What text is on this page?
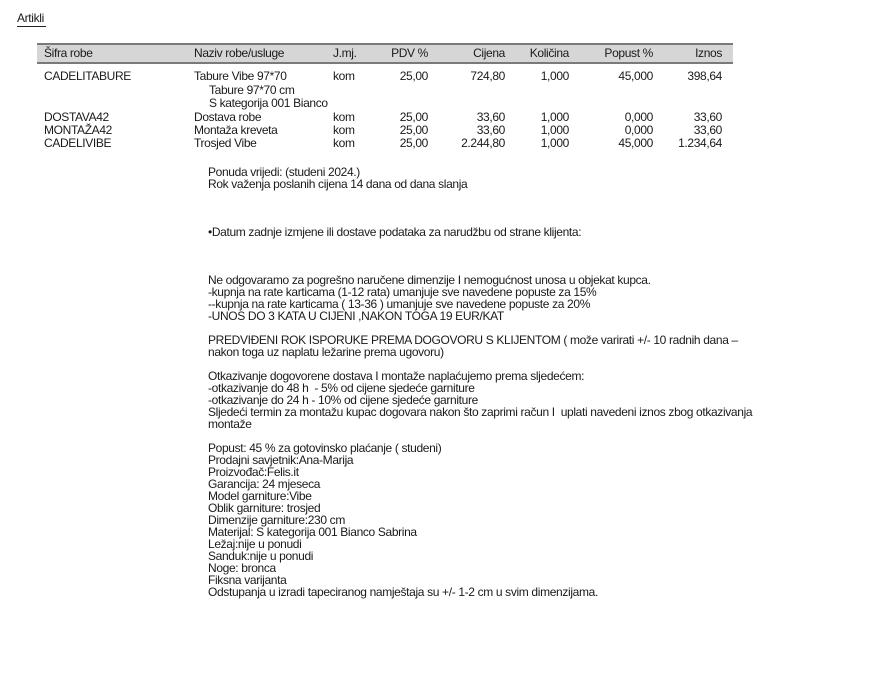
Artikli
Šifra robe	Naziv robe/usluge	J.mj.	PDV %	Cijena	Količina	Popust %	Iznos
CADELITABURE	Tabure Vibe 97*70	kom	25,00	724,80	1,000	45,000	398,64
Tabure 97*70 cm
S kategorija 001 Bianco
DOSTAVA42	Dostava robe	kom	25,00	33,60	1,000	0,000	33,60
MONTAŽA42	Montaža kreveta	kom	25,00	33,60	1,000	0,000	33,60
CADELIVIBE	Trosjed Vibe	kom	25,00	2.244,80	1,000	45,000	1.234,64

Ponuda vrijedi: (studeni 2024.)

Rok važenja poslanih cijena 14 dana od dana slanja

•Datum zadnje izmjene ili dostave podataka za narudžbu od strane klijenta:

Ne odgovaramo za pogrešno naručene dimenzije I nemogućnost unosa u objekat kupca.

-kupnja na rate karticama (1-12 rata) umanjuje sve navedene popuste za 15%

--kupnja na rate karticama ( 13-36 ) umanjuje sve navedene popuste za 20%

-UNOS DO 3 KATA U CIJENI ,NAKON TOGA 19 EUR/KAT

PREDVIĐENI ROK ISPORUKE PREMA DOGOVORU S KLIJENTOM ( može varirati +/- 10 radnih dana –

nakon toga uz naplatu ležarine prema ugovoru)

Otkazivanje dogovorene dostava I montaže naplaćujemo prema sljedećem:

-otkazivanje do 48 h  - 5% od cijene sjedeće garniture

-otkazivanje do 24 h - 10% od cijene sjedeće garniture

Sljedeći termin za montažu kupac dogovara nakon što zaprimi račun I  uplati navedeni iznos zbog otkazivanja

montaže

Popust: 45 % za gotovinsko plaćanje ( studeni)

Prodajni savjetnik:Ana-Marija

Proizvođač:Felis.it

Garancija: 24 mjeseca

Model garniture:Vibe

Oblik garniture: trosjed

Dimenzije garniture:230 cm

Materijal: S kategorija 001 Bianco Sabrina

Ležaj:nije u ponudi

Sanduk:nije u ponudi

Noge: bronca

Fiksna varijanta

Odstupanja u izradi tapeciranog namještaja su +/- 1-2 cm u svim dimenzijama.
